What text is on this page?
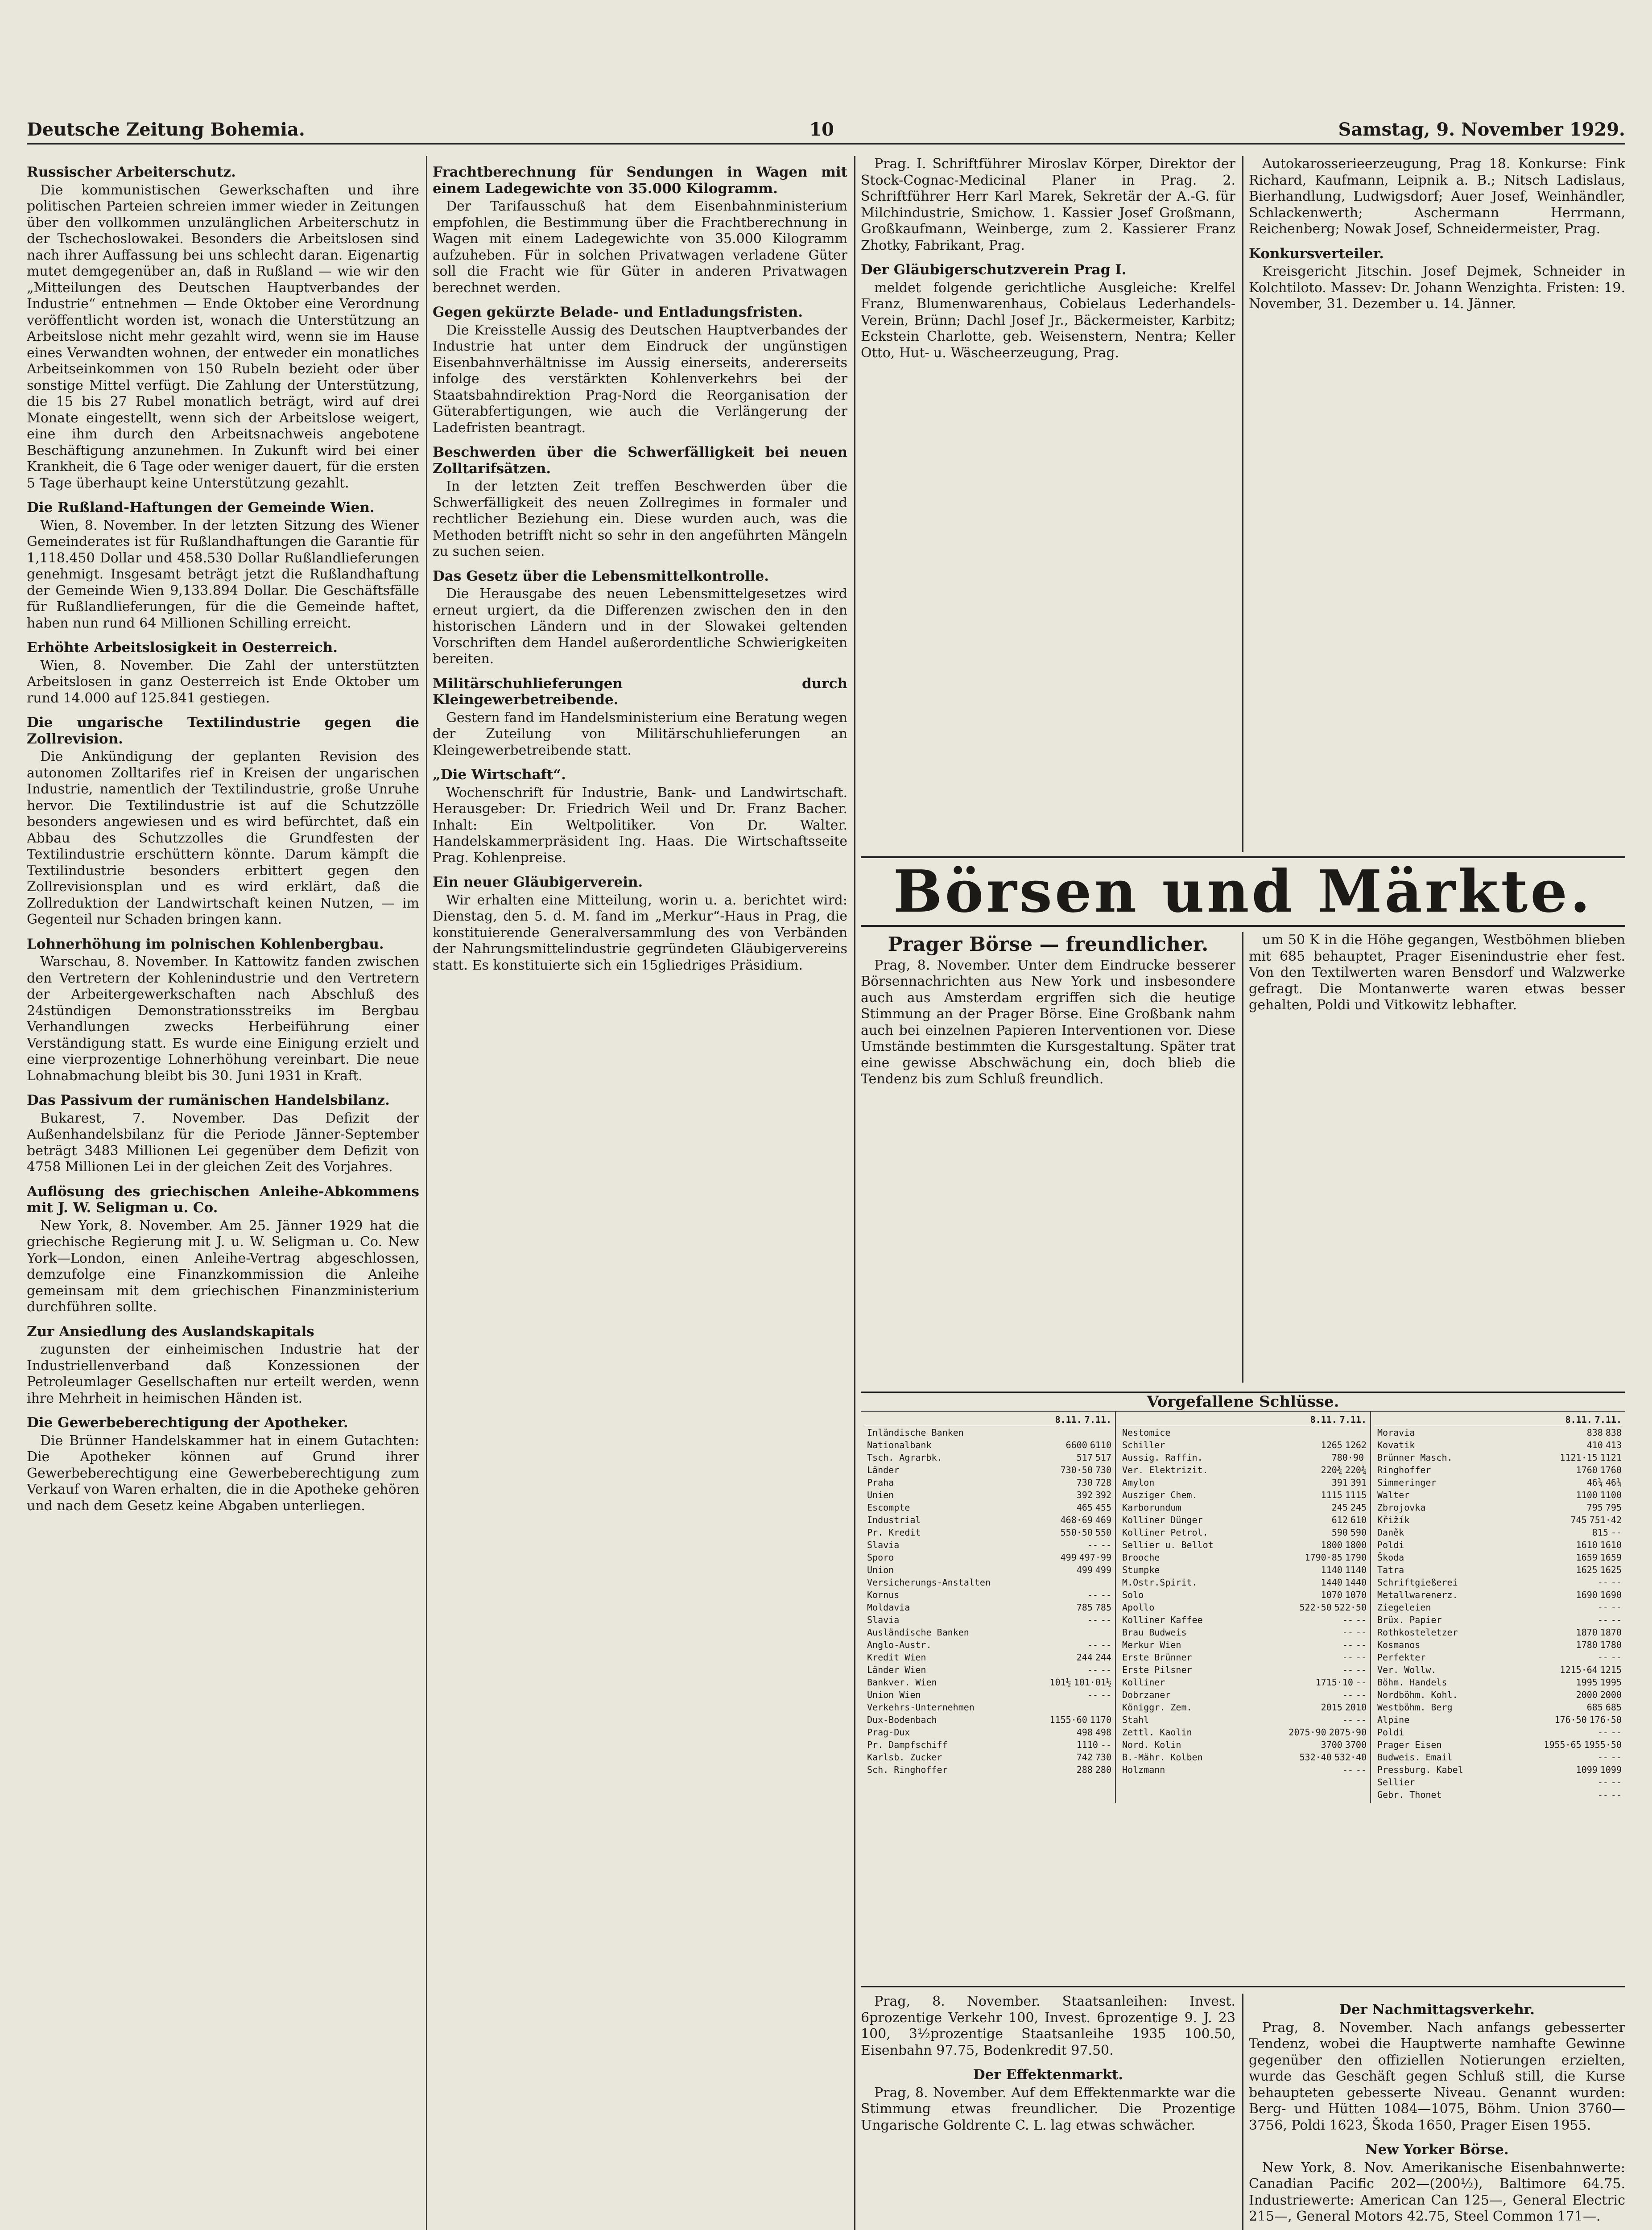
Deutsche Zeitung Bohemia.	10	Samstag, 9. November 1929.
Russischer Arbeiterschutz.

Die kommunistischen Gewerkschaften und ihre politischen Parteien schreien immer wieder in Zeitungen über den vollkommen unzulänglichen Arbeiterschutz in der Tschechoslowakei. Besonders die Arbeitslosen sind nach ihrer Auffassung bei uns schlecht daran. Eigenartig mutet demgegenüber an, daß in Rußland — wie wir den „Mitteilungen des Deutschen Hauptverbandes der Industrie“ entnehmen — Ende Oktober eine Verordnung veröffentlicht worden ist, wonach die Unterstützung an Arbeitslose nicht mehr gezahlt wird, wenn sie im Hause eines Verwandten wohnen, der entweder ein monatliches Arbeitseinkommen von 150 Rubeln bezieht oder über sonstige Mittel verfügt. Die Zahlung der Unterstützung, die 15 bis 27 Rubel monatlich beträgt, wird auf drei Monate eingestellt, wenn sich der Arbeitslose weigert, eine ihm durch den Arbeitsnachweis angebotene Beschäftigung anzunehmen. In Zukunft wird bei einer Krankheit, die 6 Tage oder weniger dauert, für die ersten 5 Tage überhaupt keine Unterstützung gezahlt.

Die Rußland-Haftungen der Gemeinde Wien.

Wien, 8. November. In der letzten Sitzung des Wiener Gemeinderates ist für Rußlandhaftungen die Garantie für 1,118.450 Dollar und 458.530 Dollar Rußlandlieferungen genehmigt. Insgesamt beträgt jetzt die Rußlandhaftung der Gemeinde Wien 9,133.894 Dollar. Die Geschäftsfälle für Rußlandlieferungen, für die die Gemeinde haftet, haben nun rund 64 Millionen Schilling erreicht.

Erhöhte Arbeitslosigkeit in Oesterreich.

Wien, 8. November. Die Zahl der unterstützten Arbeitslosen in ganz Oesterreich ist Ende Oktober um rund 14.000 auf 125.841 gestiegen.

Die ungarische Textilindustrie gegen die Zollrevision.

Die Ankündigung der geplanten Revision des autonomen Zolltarifes rief in Kreisen der ungarischen Industrie, namentlich der Textilindustrie, große Unruhe hervor. Die Textilindustrie ist auf die Schutzzölle besonders angewiesen und es wird befürchtet, daß ein Abbau des Schutzzolles die Grundfesten der Textilindustrie erschüttern könnte. Darum kämpft die Textilindustrie besonders erbittert gegen den Zollrevisionsplan und es wird erklärt, daß die Zollreduktion der Landwirtschaft keinen Nutzen, — im Gegenteil nur Schaden bringen kann.

Lohnerhöhung im polnischen Kohlenbergbau.

Warschau, 8. November. In Kattowitz fanden zwischen den Vertretern der Kohlenindustrie und den Vertretern der Arbeitergewerkschaften nach Abschluß des 24stündigen Demonstrationsstreiks im Bergbau Verhandlungen zwecks Herbeiführung einer Verständigung statt. Es wurde eine Einigung erzielt und eine vierprozentige Lohnerhöhung vereinbart. Die neue Lohnabmachung bleibt bis 30. Juni 1931 in Kraft.

Das Passivum der rumänischen Handelsbilanz.

Bukarest, 7. November. Das Defizit der Außenhandelsbilanz für die Periode Jänner-September beträgt 3483 Millionen Lei gegenüber dem Defizit von 4758 Millionen Lei in der gleichen Zeit des Vorjahres.

Auflösung des griechischen Anleihe-Abkommens mit J. W. Seligman u. Co.

New York, 8. November. Am 25. Jänner 1929 hat die griechische Regierung mit J. u. W. Seligman u. Co. New York—London, einen Anleihe-Vertrag abgeschlossen, demzufolge eine Finanzkommission die Anleihe gemeinsam mit dem griechischen Finanzministerium durchführen sollte.

Zur Ansiedlung des Auslandskapitals

zugunsten der einheimischen Industrie hat der Industriellenverband daß Konzessionen der Petroleumlager Gesellschaften nur erteilt werden, wenn ihre Mehrheit in heimischen Händen ist.

Die Gewerbeberechtigung der Apotheker.

Die Brünner Handelskammer hat in einem Gutachten: Die Apotheker können auf Grund ihrer Gewerbeberechtigung eine Gewerbeberechtigung zum Verkauf von Waren erhalten, die in die Apotheke gehören und nach dem Gesetz keine Abgaben unterliegen.

Frachtberechnung für Sendungen in Wagen mit einem Ladegewichte von 35.000 Kilogramm.

Der Tarifausschuß hat dem Eisenbahnministerium empfohlen, die Bestimmung über die Frachtberechnung in Wagen mit einem Ladegewichte von 35.000 Kilogramm aufzuheben. Für in solchen Privatwagen verladene Güter soll die Fracht wie für Güter in anderen Privatwagen berechnet werden.

Gegen gekürzte Belade- und Entladungsfristen.

Die Kreisstelle Aussig des Deutschen Hauptverbandes der Industrie hat unter dem Eindruck der ungünstigen Eisenbahnverhältnisse im Aussig einerseits, andererseits infolge des verstärkten Kohlenverkehrs bei der Staatsbahndirektion Prag-Nord die Reorganisation der Güterabfertigungen, wie auch die Verlängerung der Ladefristen beantragt.

Beschwerden über die Schwerfälligkeit bei neuen Zolltarifsätzen.

In der letzten Zeit treffen Beschwerden über die Schwerfälligkeit des neuen Zollregimes in formaler und rechtlicher Beziehung ein. Diese wurden auch, was die Methoden betrifft nicht so sehr in den angeführten Mängeln zu suchen seien.

Das Gesetz über die Lebensmittelkontrolle.

Die Herausgabe des neuen Lebensmittelgesetzes wird erneut urgiert, da die Differenzen zwischen den in den historischen Ländern und in der Slowakei geltenden Vorschriften dem Handel außerordentliche Schwierigkeiten bereiten.

Militärschuhlieferungen durch Kleingewerbetreibende.

Gestern fand im Handelsministerium eine Beratung wegen der Zuteilung von Militärschuhlieferungen an Kleingewerbetreibende statt.

„Die Wirtschaft“.

Wochenschrift für Industrie, Bank- und Landwirtschaft. Herausgeber: Dr. Friedrich Weil und Dr. Franz Bacher. Inhalt: Ein Weltpolitiker. Von Dr. Walter. Handelskammerpräsident Ing. Haas. Die Wirtschaftsseite Prag. Kohlenpreise.

Ein neuer Gläubigerverein.

Wir erhalten eine Mitteilung, worin u. a. berichtet wird: Dienstag, den 5. d. M. fand im „Merkur“-Haus in Prag, die konstituierende Generalversammlung des von Verbänden der Nahrungsmittelindustrie gegründeten Gläubigervereins statt. Es konstituierte sich ein 15gliedriges Präsidium.

Prag. I. Schriftführer Miroslav Körper, Direktor der Stock-Cognac-Medicinal Planer in Prag. 2. Schriftführer Herr Karl Marek, Sekretär der A.-G. für Milchindustrie, Smichow. 1. Kassier Josef Großmann, Großkaufmann, Weinberge, zum 2. Kassierer Franz Zhotky, Fabrikant, Prag.

Der Gläubigerschutzverein Prag I.

meldet folgende gerichtliche Ausgleiche: Krelfel Franz, Blumenwarenhaus, Cobielaus Lederhandels-Verein, Brünn; Dachl Josef Jr., Bäckermeister, Karbitz; Eckstein Charlotte, geb. Weisenstern, Nentra; Keller Otto, Hut- u. Wäscheerzeugung, Prag.

Autokarosserieerzeugung, Prag 18. Konkurse: Fink Richard, Kaufmann, Leipnik a. B.; Nitsch Ladislaus, Bierhandlung, Ludwigsdorf; Auer Josef, Weinhändler, Schlackenwerth; Aschermann Herrmann, Reichenberg; Nowak Josef, Schneidermeister, Prag.

Konkursverteiler.

Kreisgericht Jitschin. Josef Dejmek, Schneider in Kolchtiloto. Massev: Dr. Johann Wenzighta. Fristen: 19. November, 31. Dezember u. 14. Jänner.

Börsen und Märkte.
Prager Börse — freundlicher.

Prag, 8. November. Unter dem Eindrucke besserer Börsennachrichten aus New York und insbesondere auch aus Amsterdam ergriffen sich die heutige Stimmung an der Prager Börse. Eine Großbank nahm auch bei einzelnen Papieren Interventionen vor. Diese Umstände bestimmten die Kursgestaltung. Später trat eine gewisse Abschwächung ein, doch blieb die Tendenz bis zum Schluß freundlich.

um 50 K in die Höhe gegangen, Westböhmen blieben mit 685 behauptet, Prager Eisenindustrie eher fest. Von den Textilwerten waren Bensdorf und Walzwerke gefragt. Die Montanwerte waren etwas besser gehalten, Poldi und Vitkowitz lebhafter.

Vorgefallene Schlüsse.
8.11. 7.11.
Inländische Banken
Nationalbank	6600 6110
Tsch. Agrarbk.	517 517
Länder	730·50 730
Praha	730 728
Unien	392 392
Escompte	465 455
Industrial	468·69 469
Pr. Kredit	550·50 550
Slavia	-- --
Sporo	499 497·99
Union	499 499
Versicherungs-Anstalten
Kornus	-- --
Moldavia	785 785
Slavia	-- --
Ausländische Banken
Anglo-Austr.	-- --
Kredit Wien	244 244
Länder Wien	-- --
Bankver. Wien	101½ 101·01½
Union Wien	-- --
Verkehrs-Unternehmen
Dux-Bodenbach	1155·60 1170
Prag-Dux	498 498
Pr. Dampfschiff	1110 --
Karlsb. Zucker	742 730
Sch. Ringhoffer	288 280
8.11. 7.11.
Nestomice
Schiller	1265 1262
Aussig. Raffin.	780·90
Ver. Elektrizit.	220¾ 220¾
Amylon	391 391
Ausziger Chem.	1115 1115
Karborundum	245 245
Kolliner Dünger	612 610
Kolliner Petrol.	590 590
Sellier u. Bellot	1800 1800
Brooche	1790·85 1790
Stumpke	1140 1140
M.Ostr.Spirit.	1440 1440
Solo	1070 1070
Apollo	522·50 522·50
Kolliner Kaffee	-- --
Brau Budweis	-- --
Merkur Wien	-- --
Erste Brünner	-- --
Erste Pilsner	-- --
Kolliner	1715·10 --
Dobrzaner	-- --
Königgr. Zem.	2015 2010
Stahl	-- --
Zettl. Kaolin	2075·90 2075·90
Nord. Kolin	3700 3700
B.-Mähr. Kolben	532·40 532·40
Holzmann	-- --
8.11. 7.11.
Moravia	838 838
Kovatik	410 413
Brünner Masch.	1121·15 1121
Ringhoffer	1760 1760
Simmeringer	46¾ 46¾
Walter	1100 1100
Zbrojovka	795 795
Křižík	745 751·42
Daněk	815 --
Poldi	1610 1610
Škoda	1659 1659
Tatra	1625 1625
Schriftgießerei	-- --
Metallwarenerz.	1690 1690
Ziegeleien	-- --
Brüx. Papier	-- --
Rothkosteletzer	1870 1870
Kosmanos	1780 1780
Perfekter	-- --
Ver. Wollw.	1215·64 1215
Böhm. Handels	1995 1995
Nordböhm. Kohl.	2000 2000
Westböhm. Berg	685 685
Alpine	176·50 176·50
Poldi	-- --
Prager Eisen	1955·65 1955·50
Budweis. Email	-- --
Pressburg. Kabel	1099 1099
Sellier	-- --
Gebr. Thonet	-- --

Prag, 8. November. Staatsanleihen: Invest. 6prozentige Verkehr 100, Invest. 6prozentige 9. J. 23 100, 3½prozentige Staatsanleihe 1935 100.50, Eisenbahn 97.75, Bodenkredit 97.50.

Der Effektenmarkt.

Prag, 8. November. Auf dem Effektenmarkte war die Stimmung etwas freundlicher. Die Prozentige Ungarische Goldrente C. L. lag etwas schwächer.

Der Nachmittagsverkehr.

Prag, 8. November. Nach anfangs gebesserter Tendenz, wobei die Hauptwerte namhafte Gewinne gegenüber den offiziellen Notierungen erzielten, wurde das Geschäft gegen Schluß still, die Kurse behaupteten gebesserte Niveau. Genannt wurden: Berg- und Hütten 1084—1075, Böhm. Union 3760—3756, Poldi 1623, Škoda 1650, Prager Eisen 1955.

New Yorker Börse.

New York, 8. Nov. Amerikanische Eisenbahnwerte: Canadian Pacific 202—(200½), Baltimore 64.75. Industriewerte: American Can 125—, General Electric 215—, General Motors 42.75, Steel Common 171—.
